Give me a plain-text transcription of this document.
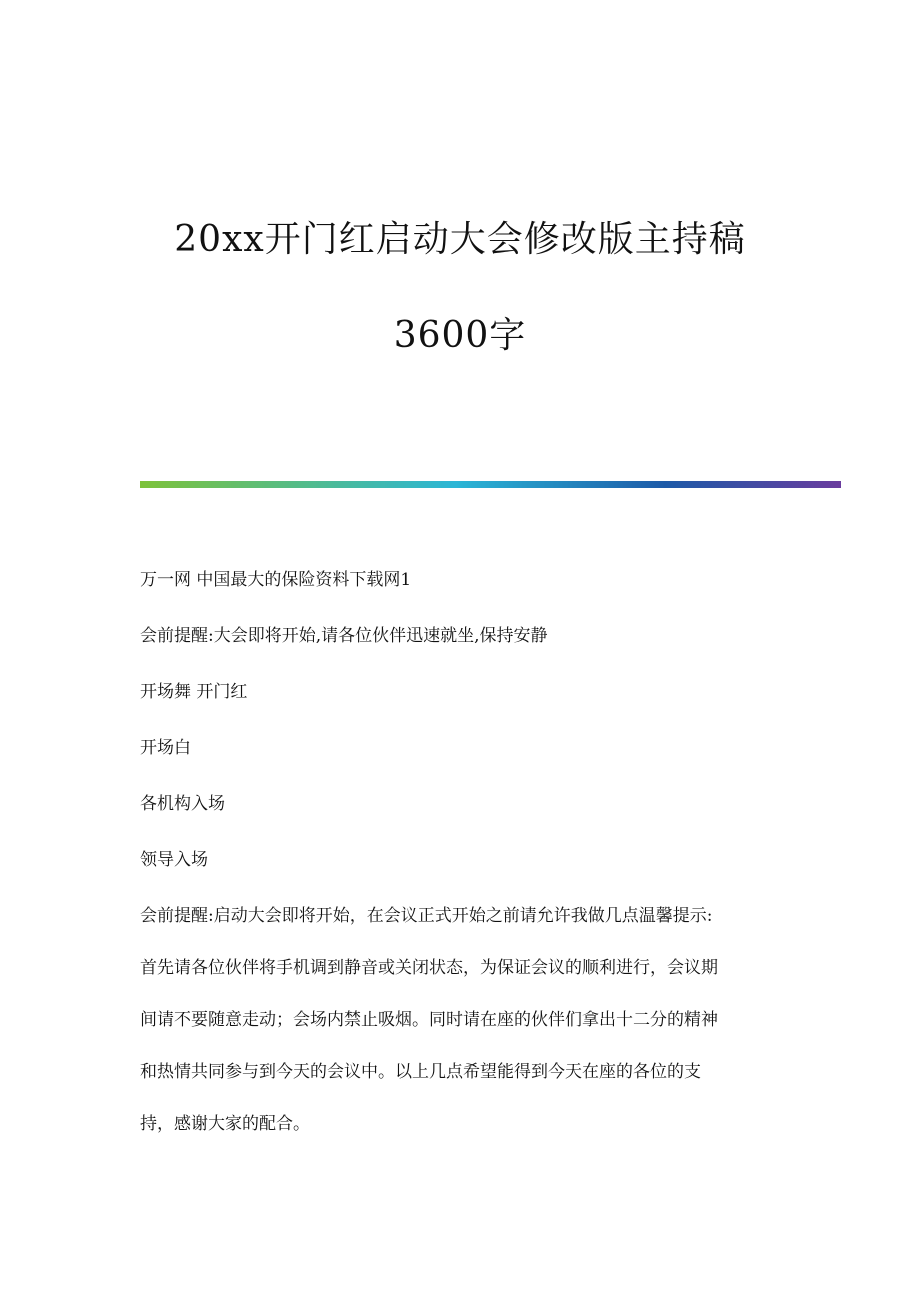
20xx开门红启动大会修改版主持稿
3600字

万一网 中国最大的保险资料下载网1

会前提醒:大会即将开始,请各位伙伴迅速就坐,保持安静

开场舞 开门红

开场白

各机构入场

领导入场

会前提醒:启动大会即将开始，在会议正式开始之前请允许我做几点温馨提示:
首先请各位伙伴将手机调到静音或关闭状态，为保证会议的顺利进行，会议期
间请不要随意走动；会场内禁止吸烟。同时请在座的伙伴们拿出十二分的精神
和热情共同参与到今天的会议中。以上几点希望能得到今天在座的各位的支
持，感谢大家的配合。
